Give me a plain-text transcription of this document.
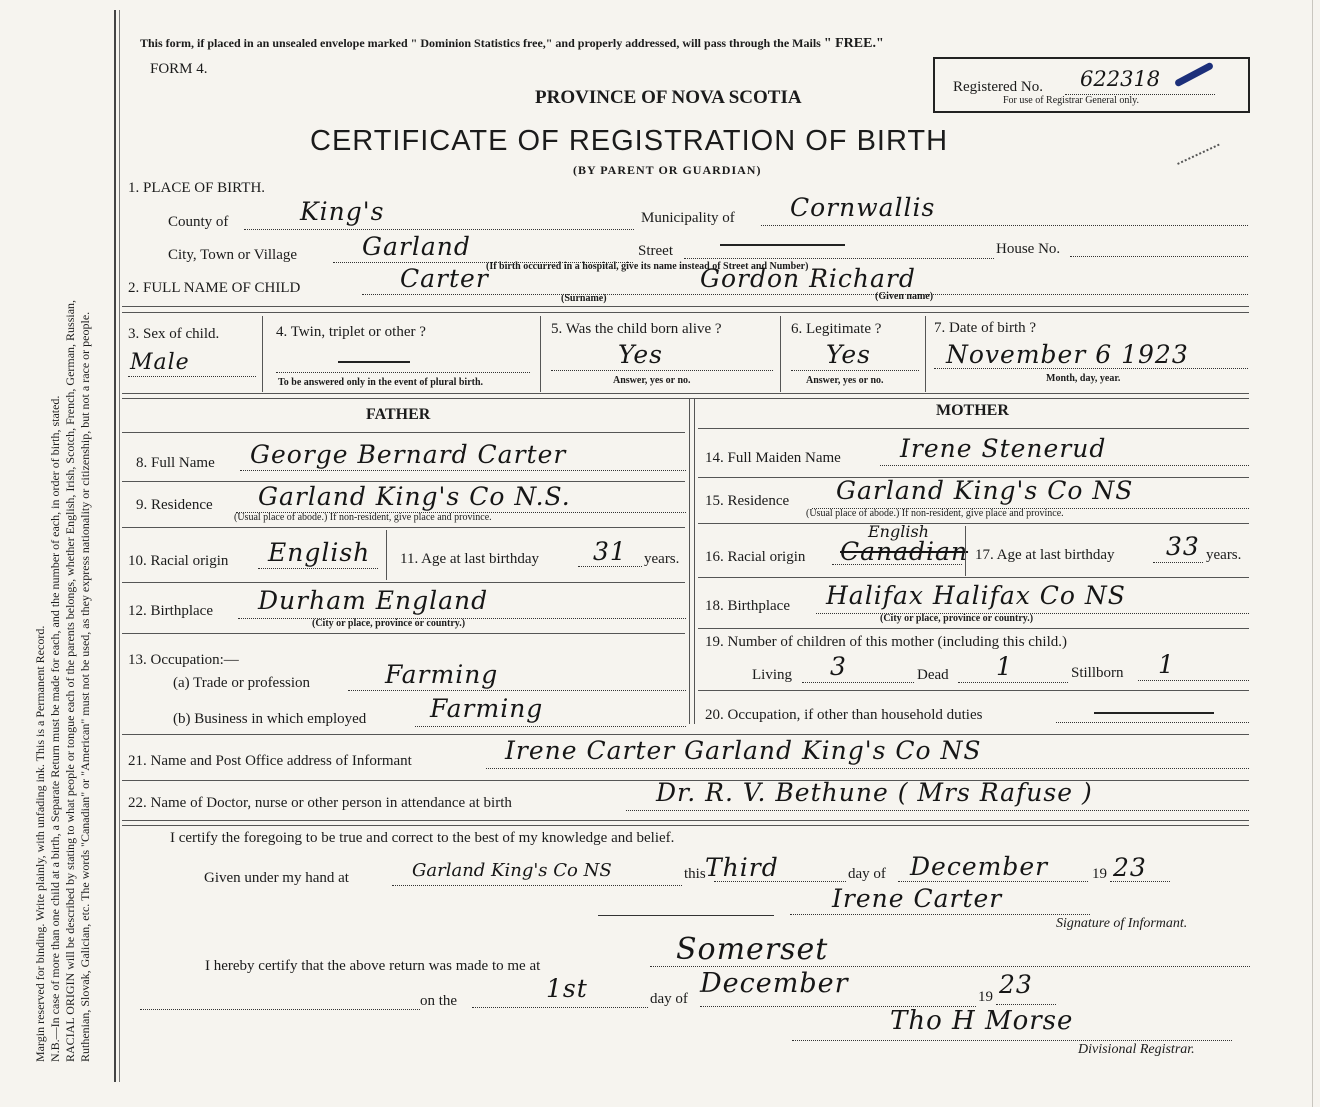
Margin reserved for binding. Write plainly, with unfading ink. This is a Permanent Record. N.B.—In case of more than one child at a birth, a Separate Return must be made for each, and the number of each, in order of birth, stated. RACIAL ORIGIN will be described by stating to what people or tongue each of the parents belongs, whether English, Irish, Scotch, French, German, Russian, Ruthenian, Slovak, Galician, etc. The words "Canadian" or "American" must not be used, as they express nationality or citizenship, but not a race or people.
This form, if placed in an unsealed envelope marked " Dominion Statistics free," and properly addressed, will pass through the Mails " FREE."
FORM 4.
PROVINCE OF NOVA SCOTIA
CERTIFICATE OF REGISTRATION OF BIRTH
(BY PARENT OR GUARDIAN)
Registered No. 622318
For use of Registrar General only.
1. PLACE OF BIRTH.
County of	King's	Municipality of Cornwallis
City, Town or Village	Garland	Street	House No.
(If birth occurred in a hospital, give its name instead of Street and Number)
2. FULL NAME OF CHILD	Carter
(Surname)
Gordon Richard
(Given name)
3. Sex of child.
Male
4. Twin, triplet or other ?
To be answered only in the event of plural birth.
5. Was the child born alive ?
Yes
Answer, yes or no.
6. Legitimate ?
Yes
Answer, yes or no.
7. Date of birth ?
November 6 1923
Month, day, year.
FATHER	MOTHER
8. Full Name George Bernard Carter
9. Residence Garland King's Co N.S.
(Usual place of abode.) If non-resident, give place and province.
10. Racial origin English 11. Age at last birthday 31 years.
12. Birthplace Durham England
(City or place, province or country.)
13. Occupation:—
(a) Trade or profession	Farming
(b) Business in which employed	Farming
14. Full Maiden Name Irene Stenerud
15. Residence Garland King's Co NS
(Usual place of abode.) If non-resident, give place and province.
16. Racial origin
English
Canadian 17. Age at last birthday 33 years.
18. Birthplace Halifax Halifax Co NS
(City or place, province or country.)
19. Number of children of this mother (including this child.)
Living 3	Dead 1	Stillborn 1
20. Occupation, if other than household duties
21. Name and Post Office address of Informant	Irene Carter Garland King's Co NS
22. Name of Doctor, nurse or other person in attendance at birth	Dr. R. V. Bethune ( Mrs Rafuse )
I certify the foregoing to be true and correct to the best of my knowledge and belief.
Given under my hand at	Garland King's Co NS	this Third	day of December	19 23
Irene Carter
Signature of Informant.
Somerset
I hereby certify that the above return was made to me at
on the	1st	day of December	19 23
Tho H Morse
Divisional Registrar.
